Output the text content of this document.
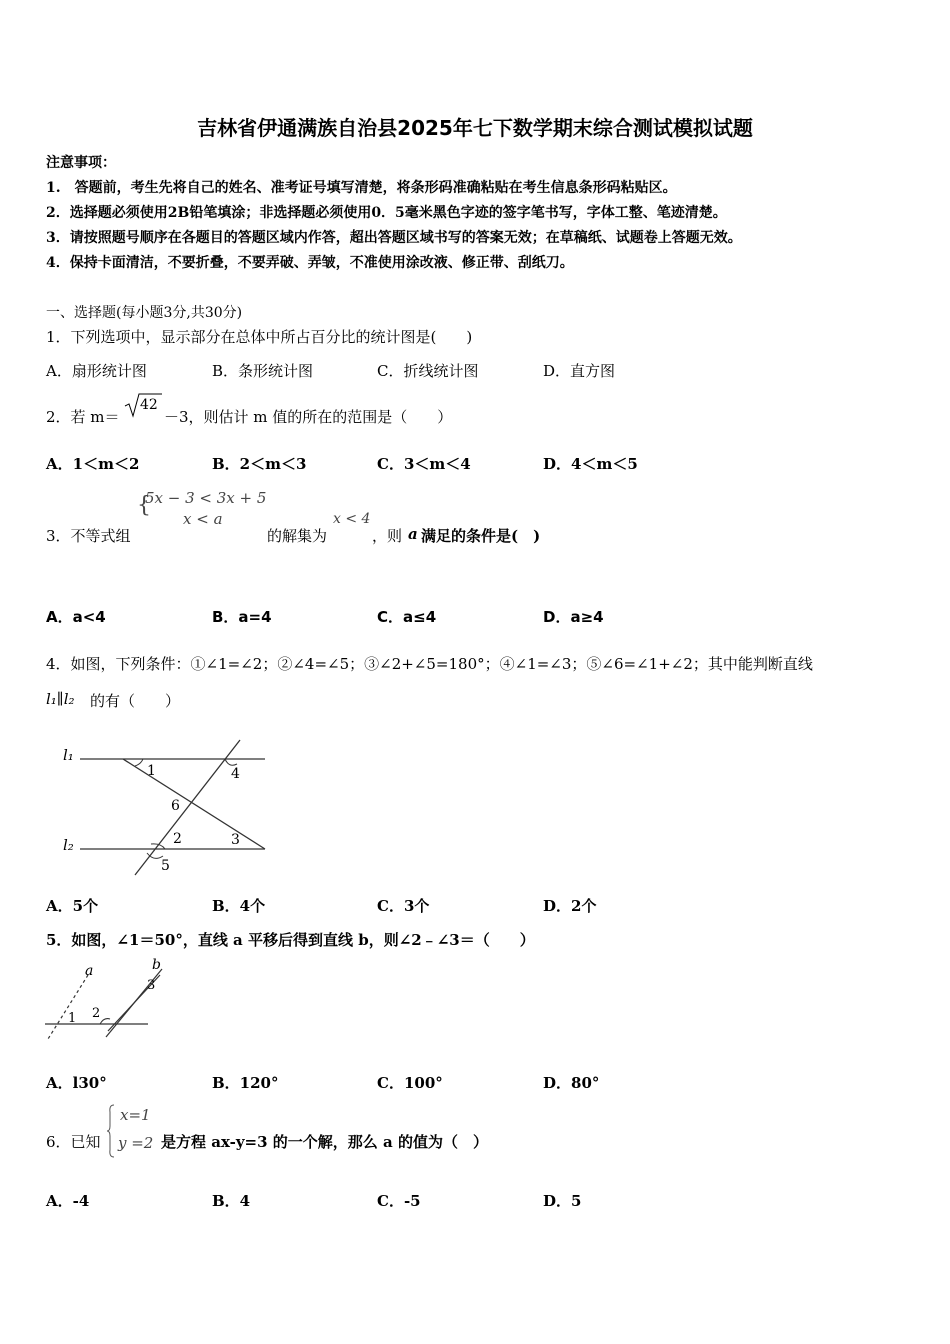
吉林省伊通满族自治县2025年七下数学期末综合测试模拟试题
注意事项：
1.　答题前，考生先将自己的姓名、准考证号填写清楚，将条形码准确粘贴在考生信息条形码粘贴区。
2．选择题必须使用2B铅笔填涂；非选择题必须使用0．5毫米黑色字迹的签字笔书写，字体工整、笔迹清楚。
3．请按照题号顺序在各题目的答题区域内作答，超出答题区域书写的答案无效；在草稿纸、试题卷上答题无效。
4．保持卡面清洁，不要折叠，不要弄破、弄皱，不准使用涂改液、修正带、刮纸刀。
一、选择题(每小题3分,共30分)
1．下列选项中，显示部分在总体中所占百分比的统计图是(　　)
A．扇形统计图	B．条形统计图	C．折线统计图	D．直方图
2．若 m＝
42
－3，则估计 m 值的所在的范围是（　　）
A．1＜m＜2	B．2＜m＜3	C．3＜m＜4	D．4＜m＜5
{
5x − 3 < 3x + 5
x < a
3．不等式组	的解集为
x < 4
，则 a 满足的条件是(　)
A．a<4	B．a=4	C．a≤4	D．a≥4
4．如图，下列条件：①∠1=∠2；②∠4=∠5；③∠2+∠5=180°；④∠1=∠3；⑤∠6=∠1+∠2；其中能判断直线
l₁∥l₂ 的有（　　）
l₁
l₂
1	4
6
2	3
5
A．5个	B．4个	C．3个	D．2个
5．如图，∠1＝50°，直线 a 平移后得到直线 b，则∠2﹣∠3＝（　　）
a	b
1 2
3
A．l30°	B．120°	C．100°	D．80°
6．已知
x=1
y =2 是方程 ax-y=3 的一个解，那么 a 的值为（　）
A．-4	B．4	C．-5	D．5
